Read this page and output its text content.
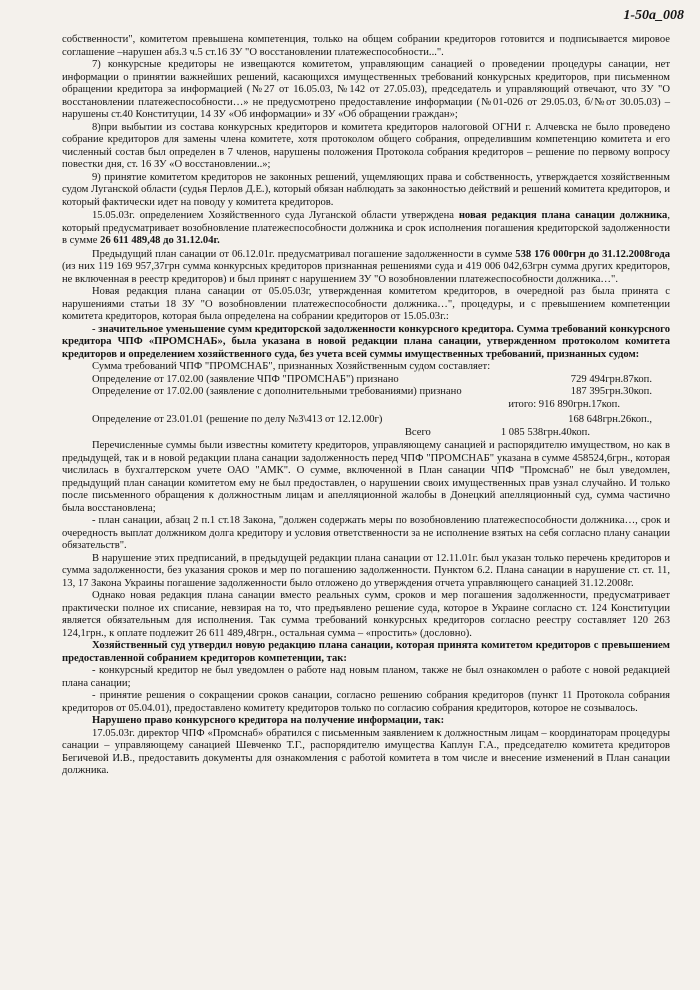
1-50а_008

собственности", комитетом превышена компетенция, только на общем собрании кредиторов готовится и подписывается мировое соглашение –нарушен абз.3 ч.5 ст.16 ЗУ "О восстановлении платежеспособности...".

7) конкурсные кредиторы не извещаются комитетом, управляющим санацией о проведении процедуры санации, нет информации о принятии важнейших решений, касающихся имущественных требований конкурсных кредиторов, при письменном обращении кредитора за информацией (№27 от 16.05.03, №142 от 27.05.03), председатель и управляющий отвечают, что ЗУ "О восстановлении платежеспособности…» не предусмотрено предоставление информации (№01-026 от 29.05.03, б/№от 30.05.03) – нарушены ст.40 Конституции, 14 ЗУ «Об информации» и ЗУ «Об обращении граждан»;

8)при выбытии из состава конкурсных кредиторов и комитета кредиторов налоговой ОГНИ г. Алчевска не было проведено собрание кредиторов для замены члена комитете, хотя протоколом общего собрания, определившим компетенцию комитета и его численный состав был определен в 7 членов, нарушены положения Протокола собрания кредиторов – решение по первому вопросу повестки дня, ст. 16 ЗУ «О восстановлении..»;

9) принятие комитетом кредиторов не законных решений, ущемляющих права и собственность, утверждается хозяйственным судом Луганской области (судья Перлов Д.Е.), который обязан наблюдать за законностью действий и решений комитета кредиторов, и который фактически идет на поводу у комитета кредиторов.

15.05.03г. определением Хозяйственного суда Луганской области утверждена новая редакция плана санации должника, который предусматривает возобновление платежеспособности должника и срок исполнения погашения кредиторской задолженности в сумме 26 611 489,48 до 31.12.04г.

Предыдущий план санации от 06.12.01г. предусматривал погашение задолженности в сумме 538 176 000грн до 31.12.2008года (из них 119 169 957,37грн сумма конкурсных кредиторов признанная решениями суда и 419 006 042,63грн сумма других кредиторов, не включенная в реестр кредиторов) и был принят с нарушением ЗУ "О возобновлении платежеспособности должника…".

Новая редакция плана санации от 05.05.03г, утвержденная комитетом кредиторов, в очередной раз была принята с нарушениями статьи 18 ЗУ "О возобновлении платежеспособности должника…", процедуры, и с превышением компетенции комитета кредиторов, которая была определена на собрании кредиторов от 15.05.03г.:

- значительное уменьшение сумм кредиторской задолженности конкурсного кредитора. Сумма требований конкурсного кредитора ЧПФ «ПРОМСНАБ», была указана в новой редакции плана санации, утвержденном протоколом комитета кредиторов и определением хозяйственного суда, без учета всей суммы имущественных требований, признанных судом:

Сумма требований ЧПФ "ПРОМСНАБ", признанных Хозяйственным судом составляет:

Определение от 17.02.00 (заявление ЧПФ "ПРОМСНАБ") признано	729 494грн.87коп.
Определение от 17.02.00 (заявление с дополнительными требованиями) признано	187 395грн.30коп.
итого: 916 890грн.17коп.
Определение от 23.01.01 (решение по делу №3\413 от 12.12.00г)	168 648грн.26коп.,
Всего	1 085 538грн.40коп.

Перечисленные суммы были известны комитету кредиторов, управляющему санацией и распорядителю имуществом, но как в предыдущей, так и в новой редакции плана санации задолженность перед ЧПФ "ПРОМСНАБ" указана в сумме 458524,6грн., которая числилась в бухгалтерском учете ОАО "АМК". О сумме, включенной в План санации ЧПФ "Промснаб" не был уведомлен, предыдущий план санации комитетом ему не был предоставлен, о нарушении своих имущественных прав узнал случайно. И только после письменного обращения к должностным лицам и апелляционной жалобы в Донецкий апелляционный суд, сумма частично была восстановлена;

- план санации, абзац 2 п.1 ст.18 Закона, "должен содержать меры по возобновлению платежеспособности должника…, срок и очередность выплат должником долга кредитору и условия ответственности за не исполнение взятых на себя согласно плану санации обязательств".

В нарушение этих предписаний, в предыдущей редакции плана санации от 12.11.01г. был указан только перечень кредиторов и сумма задолженности, без указания сроков и мер по погашению задолженности. Пунктом 6.2. Плана санации в нарушение ст. ст. 11, 13, 17 Закона Украины погашение задолженности было отложено до утверждения отчета управляющего санацией 31.12.2008г.

Однако новая редакция плана санации вместо реальных сумм, сроков и мер погашения задолженности, предусматривает практически полное их списание, невзирая на то, что предъявлено решение суда, которое в Украине согласно ст. 124 Конституции является обязательным для исполнения. Так сумма требований конкурсных кредиторов согласно реестру составляет 120 263 124,1грн., к оплате подлежит 26 611 489,48грн., остальная сумма – «простить» (дословно).

Хозяйственный суд утвердил новую редакцию плана санации, которая принята комитетом кредиторов с превышением предоставленной собранием кредиторов компетенции, так:

- конкурсный кредитор не был уведомлен о работе над новым планом, также не был ознакомлен о работе с новой редакцией плана санации;

- принятие решения о сокращении сроков санации, согласно решению собрания кредиторов (пункт 11 Протокола собрания кредиторов от 05.04.01), предоставлено комитету кредиторов только по согласию собрания кредиторов, которое не созывалось.

Нарушено право конкурсного кредитора на получение информации, так:

17.05.03г. директор ЧПФ «Промснаб» обратился с письменным заявлением к должностным лицам – координаторам процедуры санации – управляющему санацией Шевченко Т.Г., распорядителю имущества Каплун Г.А., председателю комитета кредиторов Бегичевой И.В., предоставить документы для ознакомления с работой комитета в том числе и внесение изменений в План санации должника.
